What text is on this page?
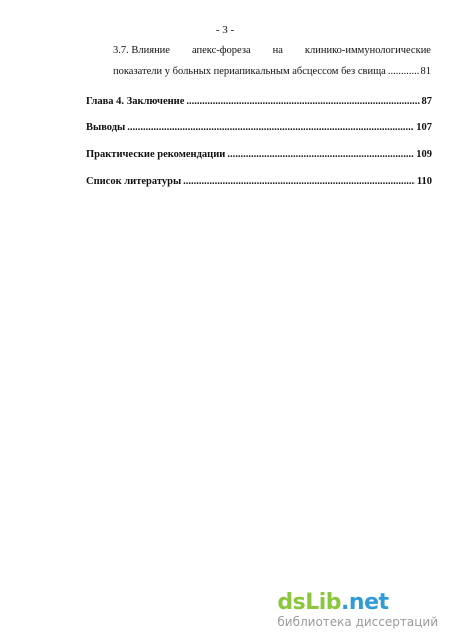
- 3 -
3.7. Влияние апекс-фореза на клинико-иммунологические
показатели у больных периапикальным абсцессом без свища .....	81
Глава 4. Заключение .....	87
Выводы .....	107
Практические рекомендации .....	109
Список литературы .....	110
dsLib.net
библиотека диссертаций
